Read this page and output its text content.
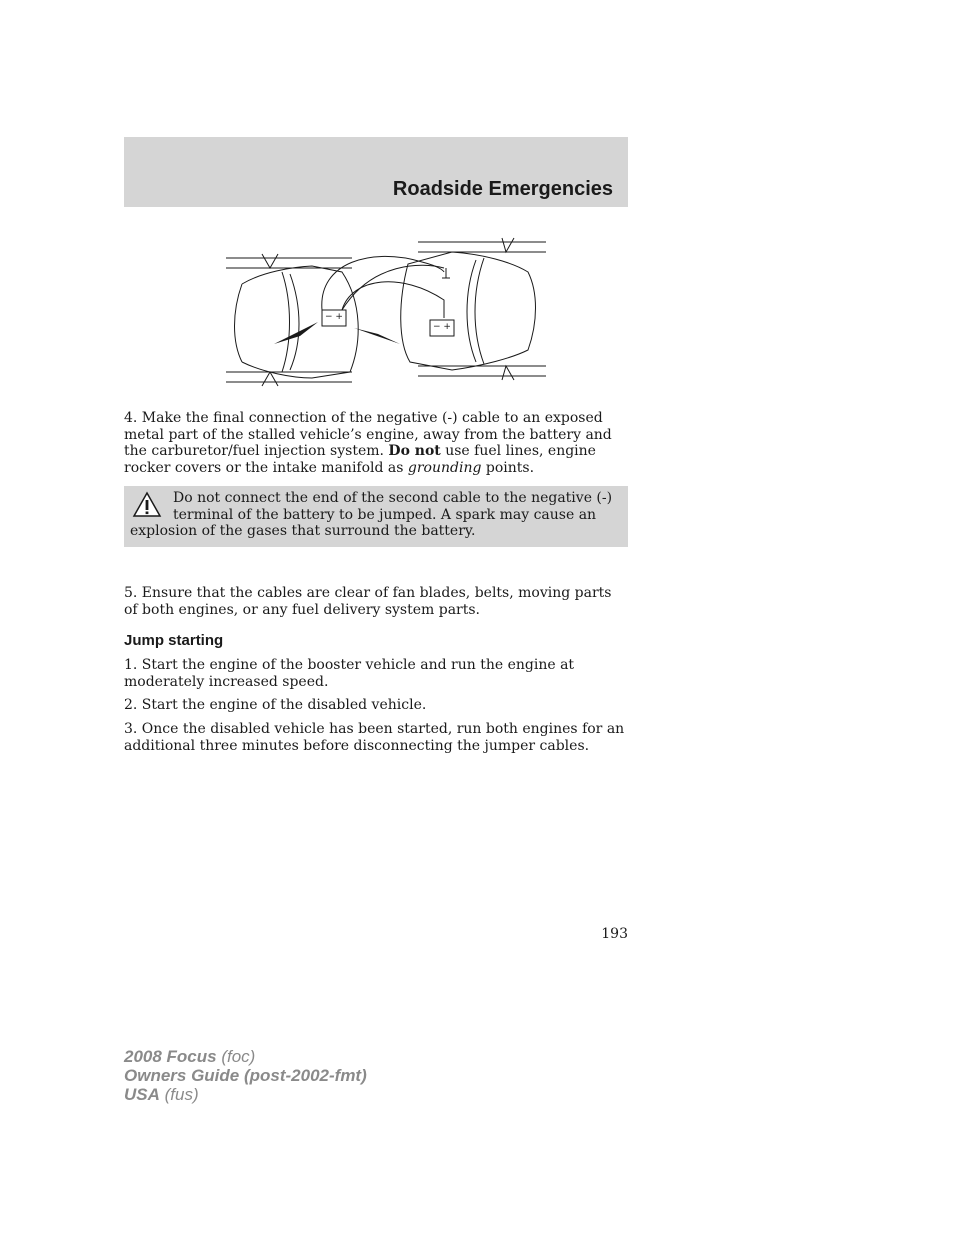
Roadside Emergencies
− +
− +
4. Make the final connection of the negative (-) cable to an exposed metal part of the stalled vehicle’s engine, away from the battery and the carburetor/fuel injection system. Do not use fuel lines, engine rocker covers or the intake manifold as grounding points.
Do not connect the end of the second cable to the negative (-)
terminal of the battery to be jumped. A spark may cause an
explosion of the gases that surround the battery.
5. Ensure that the cables are clear of fan blades, belts, moving parts of both engines, or any fuel delivery system parts.
Jump starting
1. Start the engine of the booster vehicle and run the engine at moderately increased speed.
2. Start the engine of the disabled vehicle.
3. Once the disabled vehicle has been started, run both engines for an additional three minutes before disconnecting the jumper cables.
193
2008 Focus (foc)
Owners Guide (post-2002-fmt)
USA (fus)
